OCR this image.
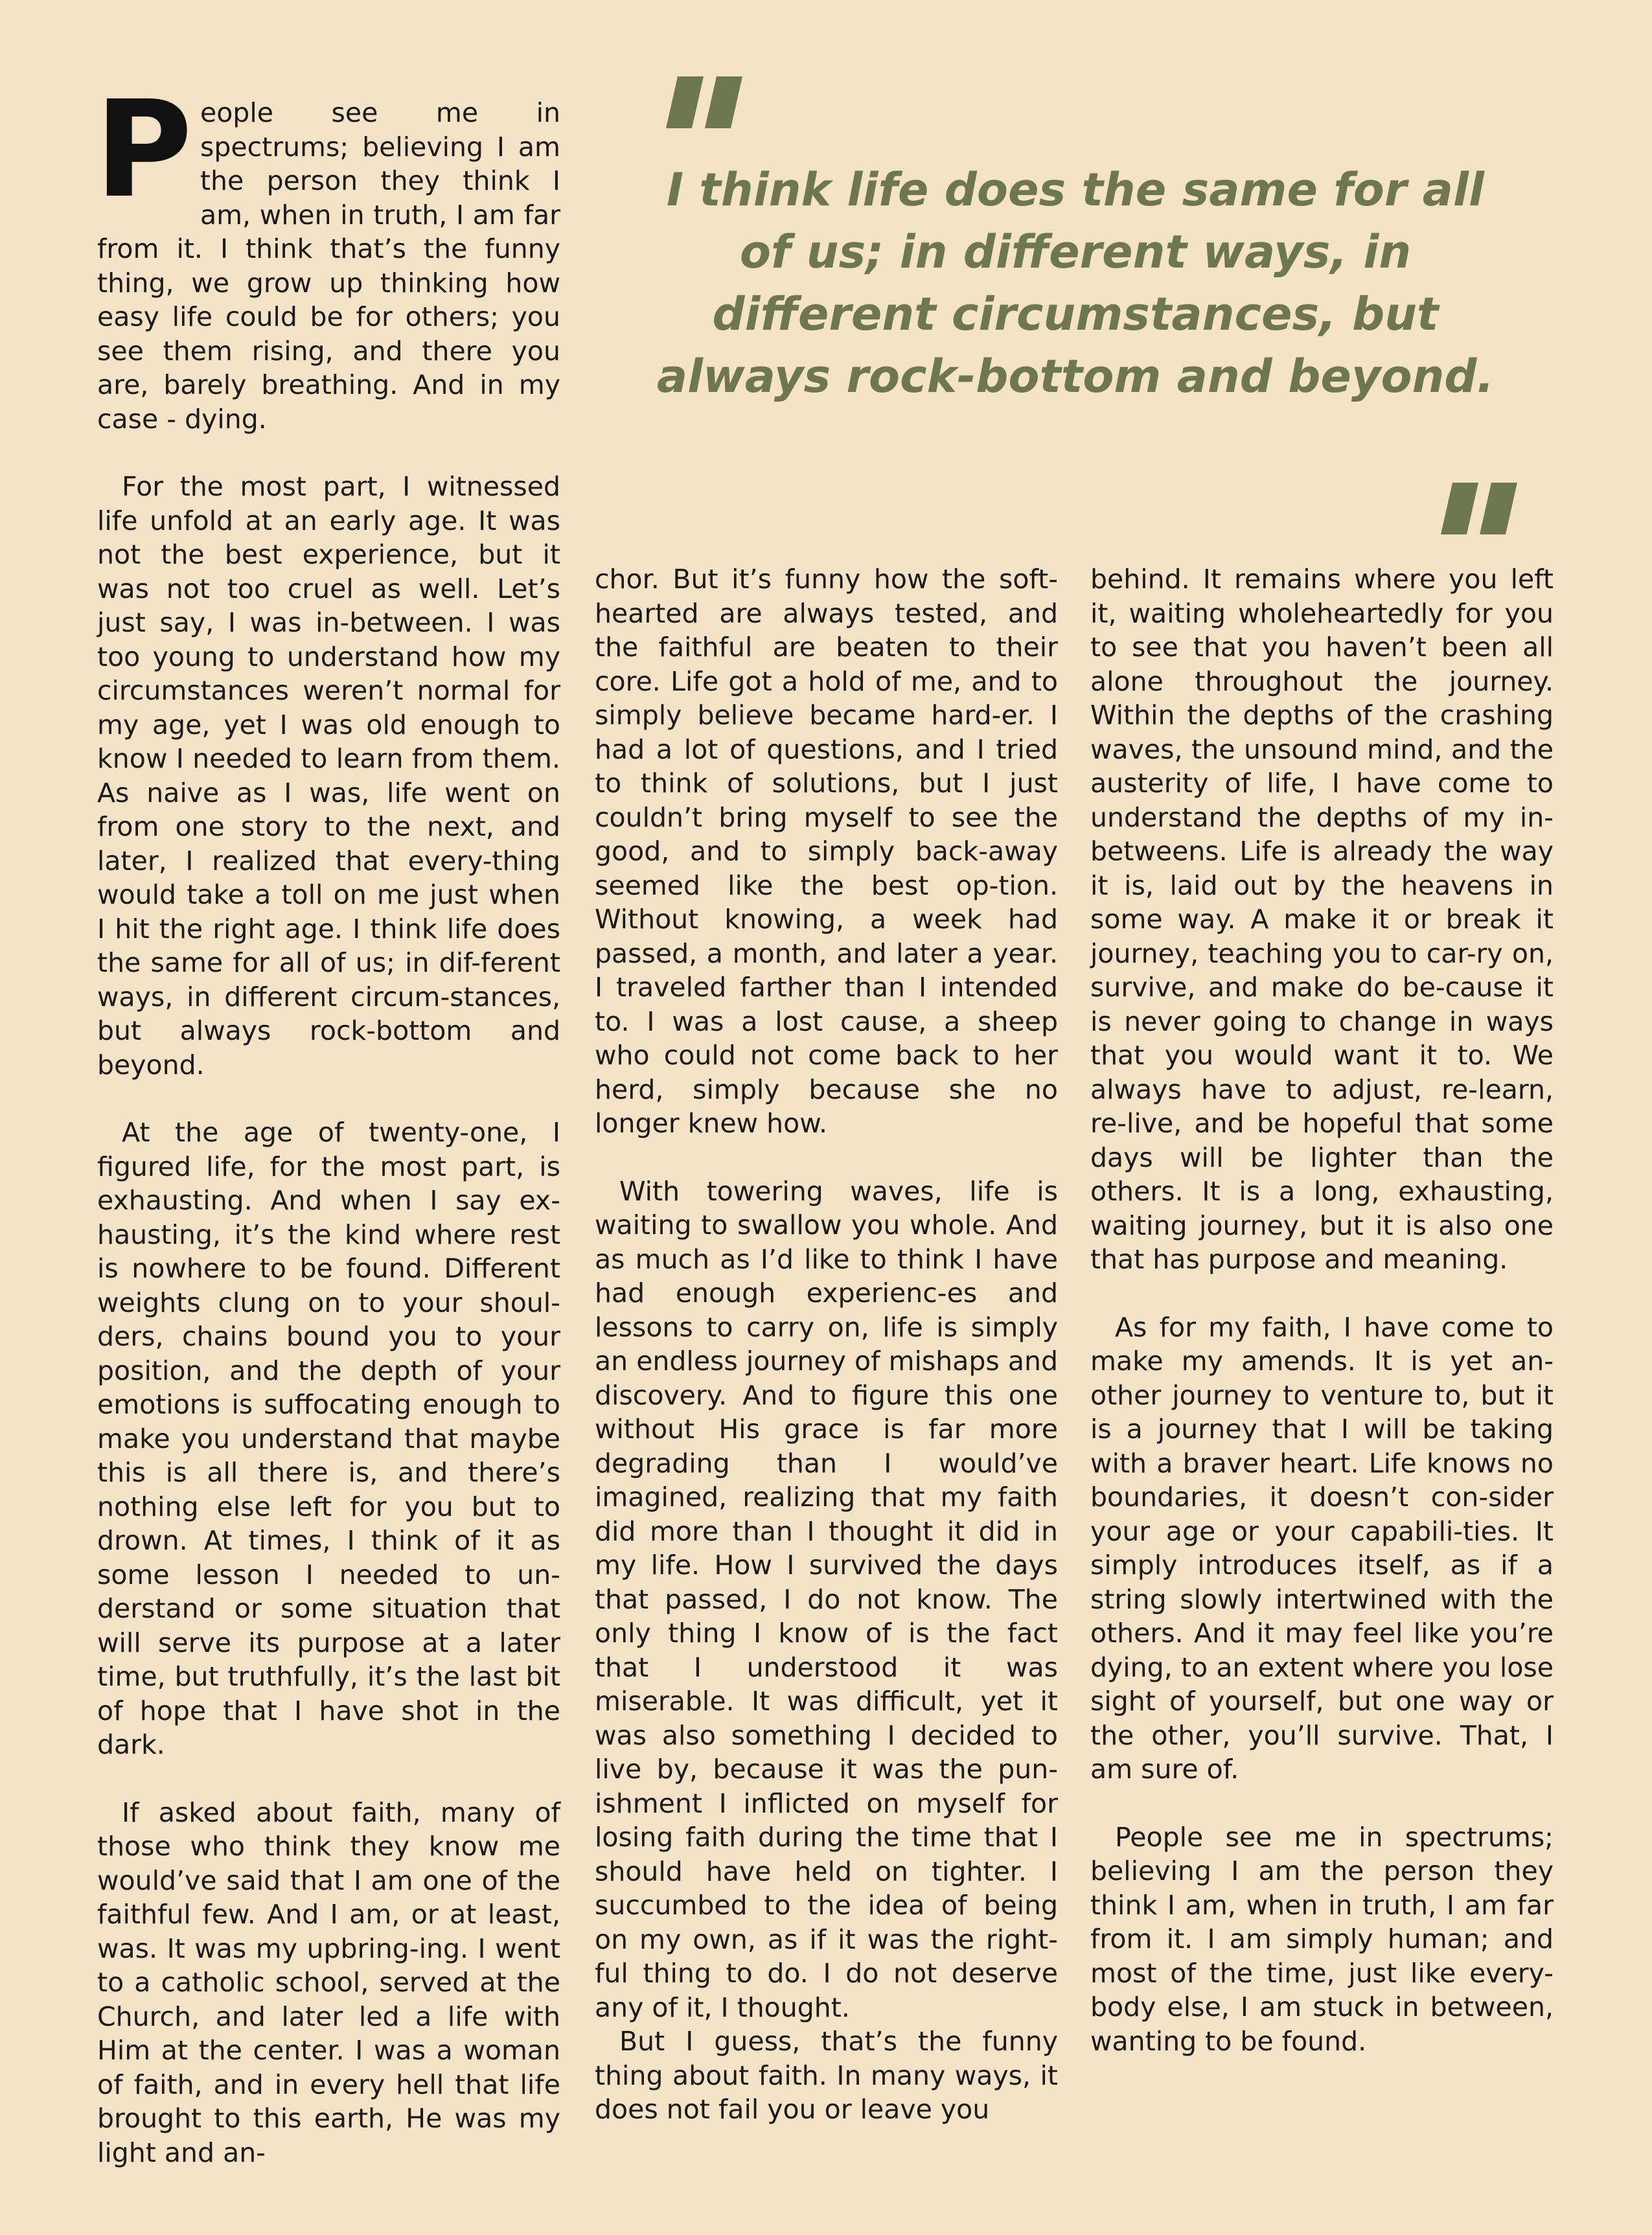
I think life does the same for all of us; in different ways, in different circumstances, but always rock-bottom and beyond.

People see me in spectrums; believing I am the person they think I am, when in truth, I am far from it. I think that’s the funny thing, we grow up thinking how easy life could be for others; you see them rising, and there you are, barely breathing. And in my case - dying.

For the most part, I witnessed life unfold at an early age. It was not the best experience, but it was not too cruel as well. Let’s just say, I was in-between. I was too young to understand how my circumstances weren’t normal for my age, yet I was old enough to know I needed to learn from them. As naive as I was, life went on from one story to the next, and later, I realized that every-thing would take a toll on me just when I hit the right age. I think life does the same for all of us; in dif-ferent ways, in different circum-stances, but always rock-bottom and beyond.

At the age of twenty-one, I figured life, for the most part, is exhausting. And when I say ex-hausting, it’s the kind where rest is nowhere to be found. Different weights clung on to your shoul-ders, chains bound you to your position, and the depth of your emotions is suffocating enough to make you understand that maybe this is all there is, and there’s nothing else left for you but to drown. At times, I think of it as some lesson I needed to un-derstand or some situation that will serve its purpose at a later time, but truthfully, it’s the last bit of hope that I have shot in the dark.

If asked about faith, many of those who think they know me would’ve said that I am one of the faithful few. And I am, or at least, was. It was my upbring-ing. I went to a catholic school, served at the Church, and later led a life with Him at the center. I was a woman of faith, and in every hell that life brought to this earth, He was my light and an-

chor. But it’s funny how the soft-hearted are always tested, and the faithful are beaten to their core. Life got a hold of me, and to simply believe became hard-er. I had a lot of questions, and I tried to think of solutions, but I just couldn’t bring myself to see the good, and to simply back-away seemed like the best op-tion. Without knowing, a week had passed, a month, and later a year. I traveled farther than I intended to. I was a lost cause, a sheep who could not come back to her herd, simply because she no longer knew how.

With towering waves, life is waiting to swallow you whole. And as much as I’d like to think I have had enough experienc-es and lessons to carry on, life is simply an endless journey of mishaps and discovery. And to figure this one without His grace is far more degrading than I would’ve imagined, realizing that my faith did more than I thought it did in my life. How I survived the days that passed, I do not know. The only thing I know of is the fact that I understood it was miserable. It was difficult, yet it was also something I decided to live by, because it was the pun-ishment I inflicted on myself for losing faith during the time that I should have held on tighter. I succumbed to the idea of being on my own, as if it was the right-ful thing to do. I do not deserve any of it, I thought.

But I guess, that’s the funny thing about faith. In many ways, it does not fail you or leave you

behind. It remains where you left it, waiting wholeheartedly for you to see that you haven’t been all alone throughout the journey. Within the depths of the crashing waves, the unsound mind, and the austerity of life, I have come to understand the depths of my in-betweens. Life is already the way it is, laid out by the heavens in some way. A make it or break it journey, teaching you to car-ry on, survive, and make do be-cause it is never going to change in ways that you would want it to. We always have to adjust, re-learn, re-live, and be hopeful that some days will be lighter than the others. It is a long, exhausting, waiting journey, but it is also one that has purpose and meaning.

As for my faith, I have come to make my amends. It is yet an-other journey to venture to, but it is a journey that I will be taking with a braver heart. Life knows no boundaries, it doesn’t con-sider your age or your capabili-ties. It simply introduces itself, as if a string slowly intertwined with the others. And it may feel like you’re dying, to an extent where you lose sight of yourself, but one way or the other, you’ll survive. That, I am sure of.

People see me in spectrums; believing I am the person they think I am, when in truth, I am far from it. I am simply human; and most of the time, just like every-body else, I am stuck in between, wanting to be found.
